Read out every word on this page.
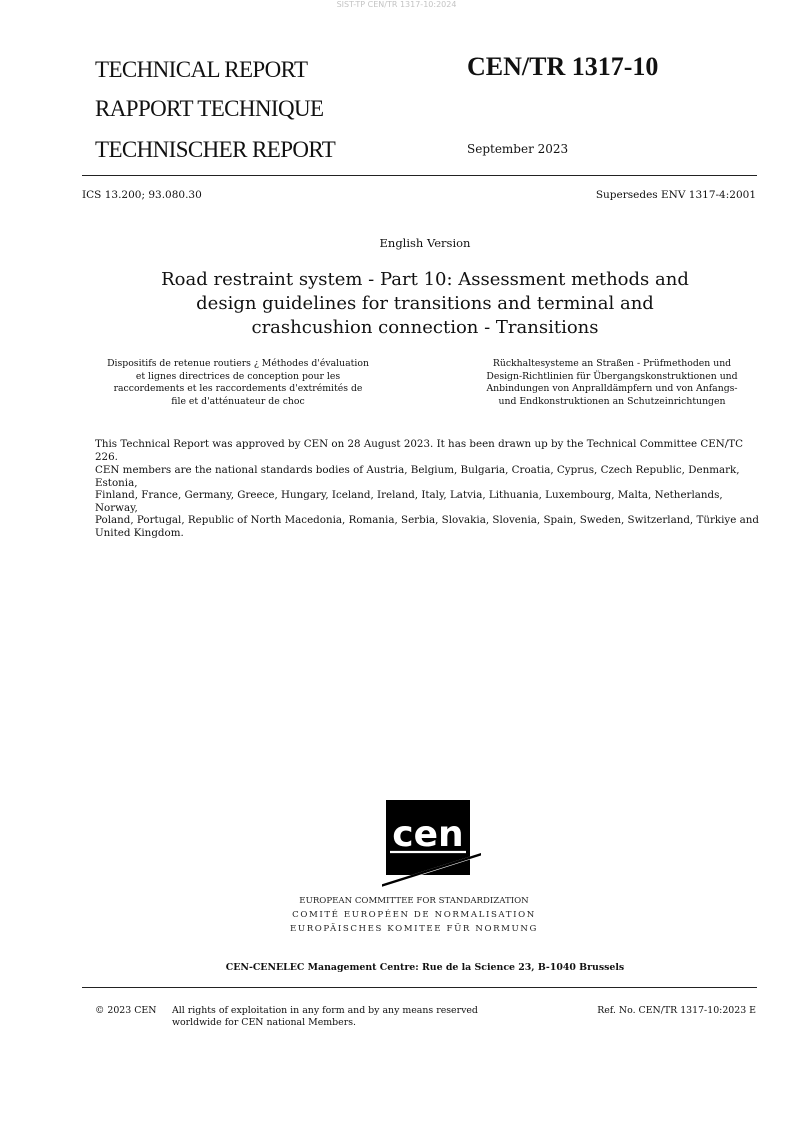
SIST-TP CEN/TR 1317-10:2024
TECHNICAL REPORT
RAPPORT TECHNIQUE
TECHNISCHER REPORT
CEN/TR 1317-10
September 2023
ICS 13.200; 93.080.30	Supersedes ENV 1317-4:2001
English Version
Road restraint system - Part 10: Assessment methods and
design guidelines for transitions and terminal and
crashcushion connection - Transitions
Dispositifs de retenue routiers ¿ Méthodes d'évaluation
et lignes directrices de conception pour les
raccordements et les raccordements d'extrémités de
file et d'atténuateur de choc
Rückhaltesysteme an Straßen - Prüfmethoden und
Design-Richtlinien für Übergangskonstruktionen und
Anbindungen von Anpralldämpfern und von Anfangs-
und Endkonstruktionen an Schutzeinrichtungen
This Technical Report was approved by CEN on 28 August 2023. It has been drawn up by the Technical Committee CEN/TC 226.
CEN members are the national standards bodies of Austria, Belgium, Bulgaria, Croatia, Cyprus, Czech Republic, Denmark, Estonia,
Finland, France, Germany, Greece, Hungary, Iceland, Ireland, Italy, Latvia, Lithuania, Luxembourg, Malta, Netherlands, Norway,
Poland, Portugal, Republic of North Macedonia, Romania, Serbia, Slovakia, Slovenia, Spain, Sweden, Switzerland, Türkiye and
United Kingdom.
cen
EUROPEAN COMMITTEE FOR STANDARDIZATION
COMITÉ EUROPÉEN DE NORMALISATION
EUROPÄISCHES KOMITEE FÜR NORMUNG
CEN-CENELEC Management Centre: Rue de la Science 23, B-1040 Brussels
© 2023 CEN All rights of exploitation in any form and by any means reserved
worldwide for CEN national Members.
Ref. No. CEN/TR 1317-10:2023 E
